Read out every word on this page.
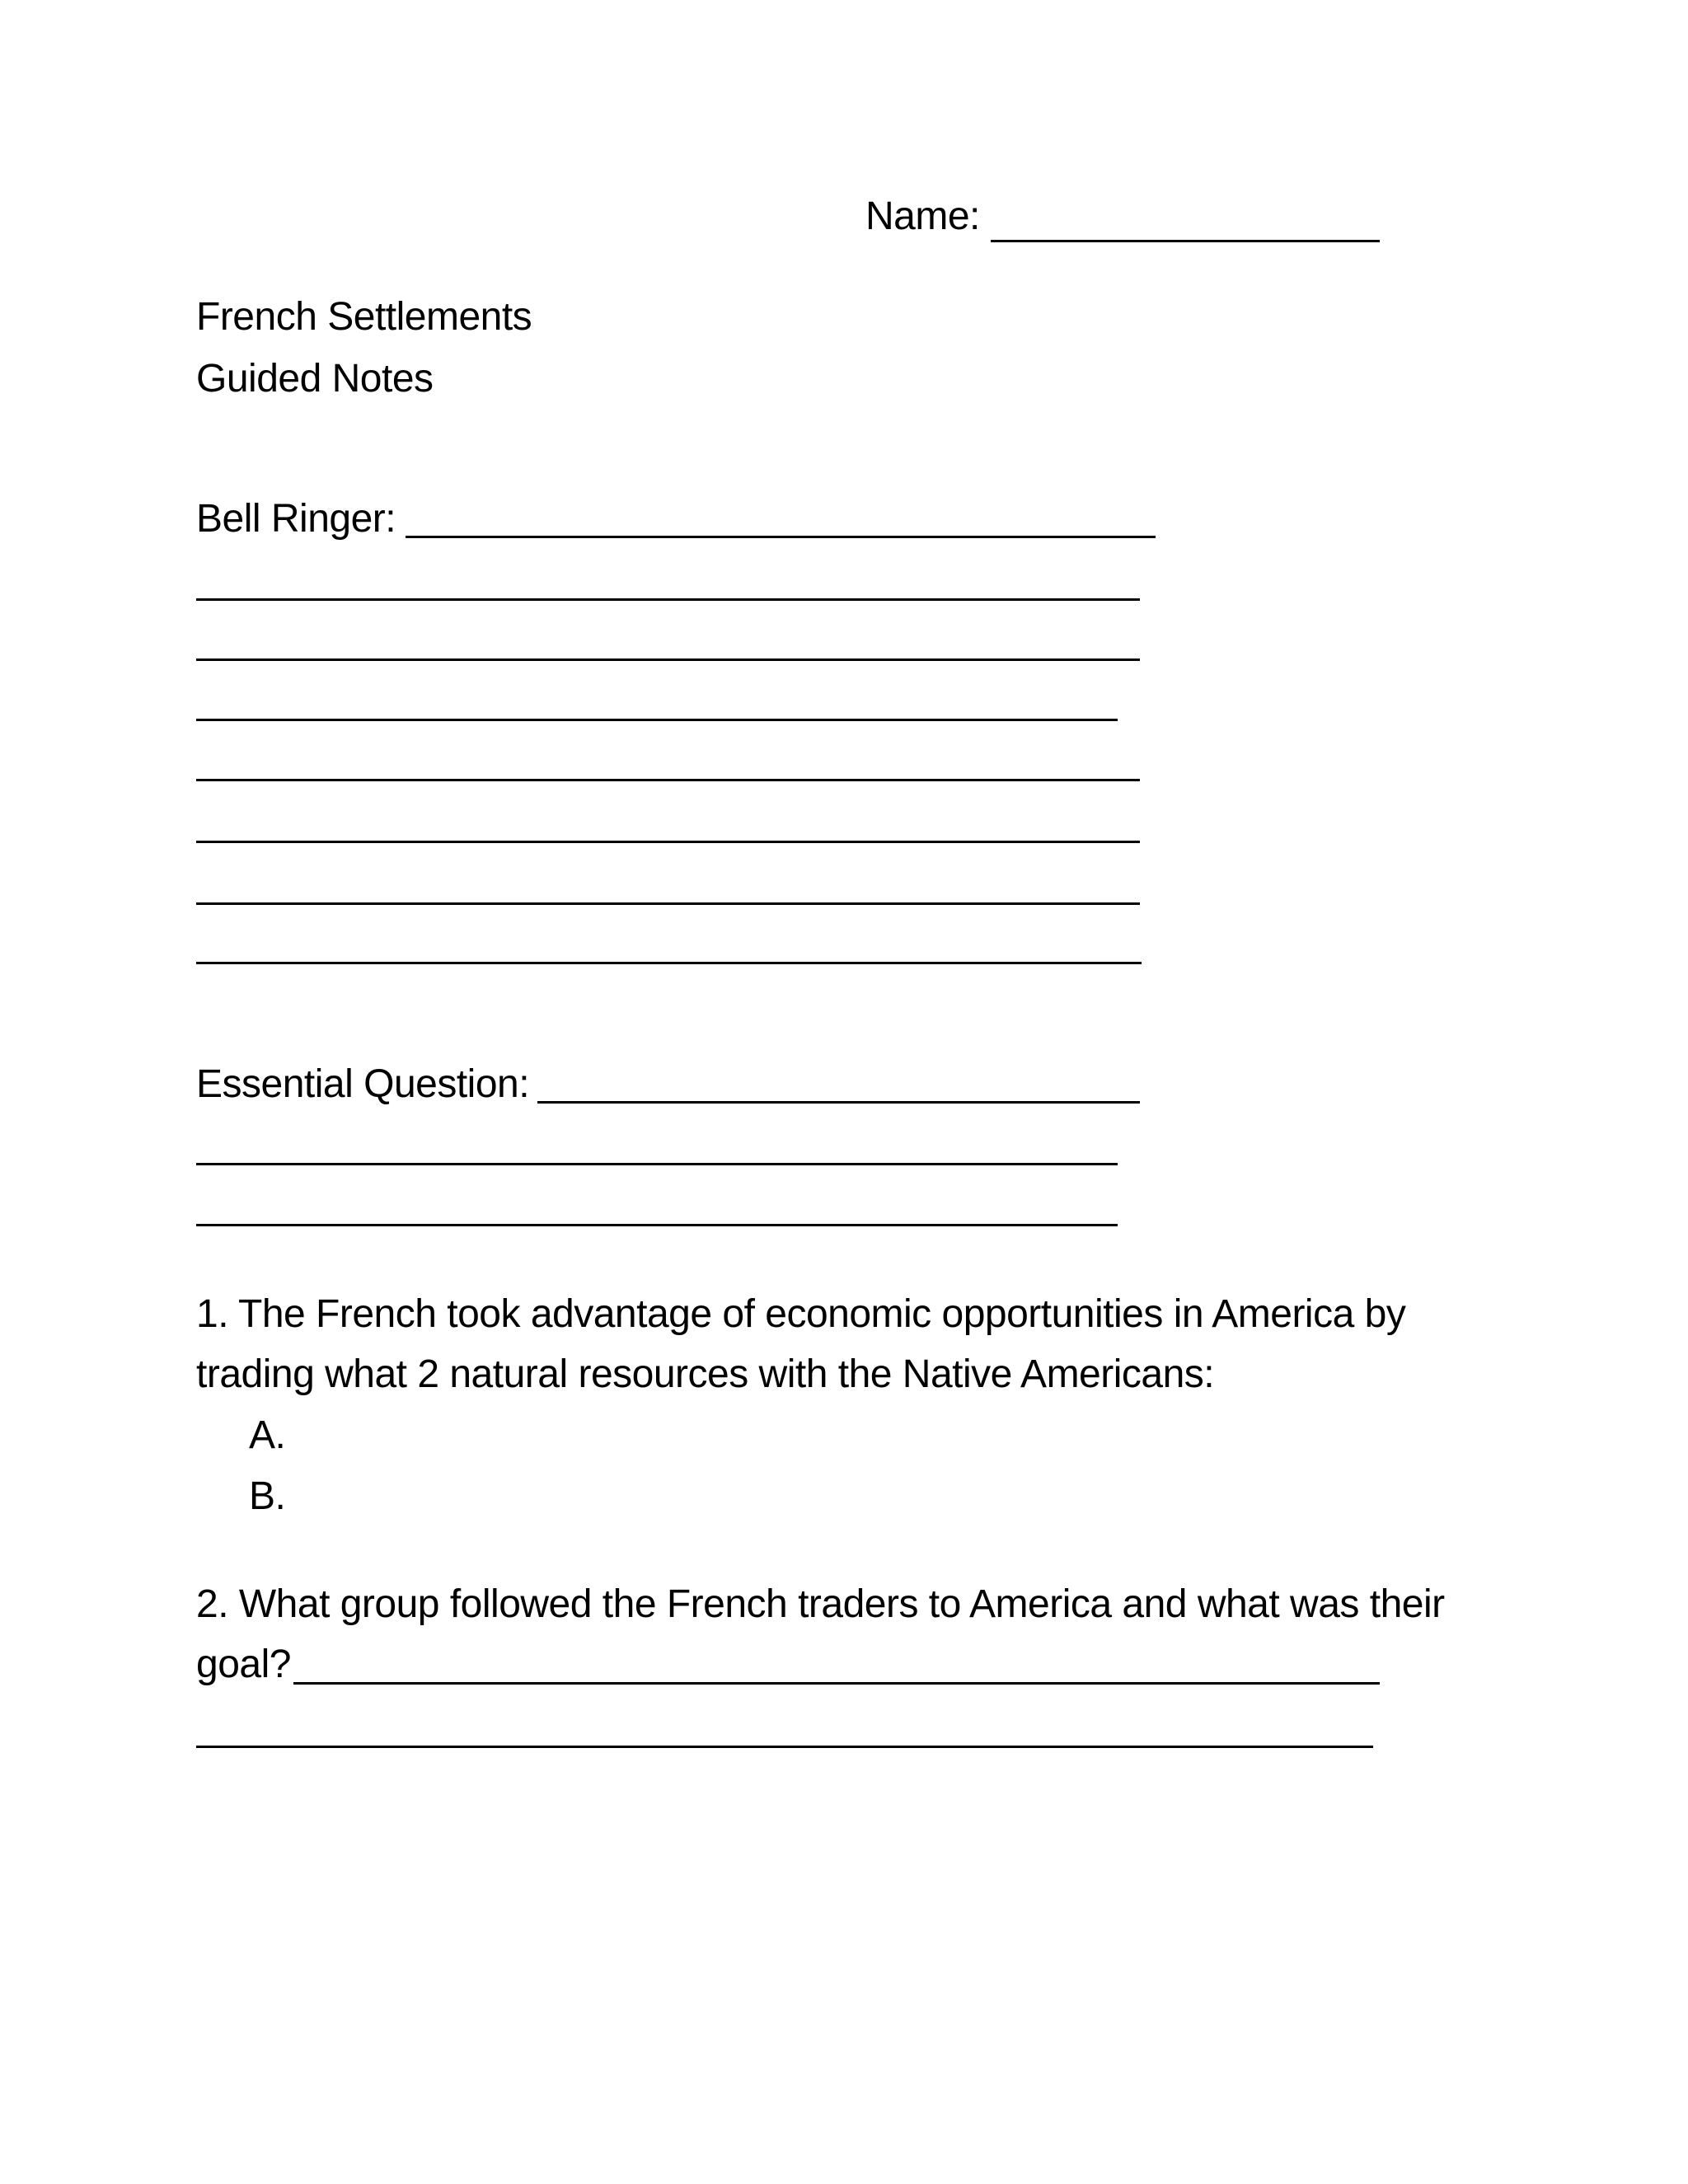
Name:
French Settlements
Guided Notes
Bell Ringer:
Essential Question:
1. The French took advantage of economic opportunities in America by
trading what 2 natural resources with the Native Americans:
A.
B.
2. What group followed the French traders to America and what was their
goal?
